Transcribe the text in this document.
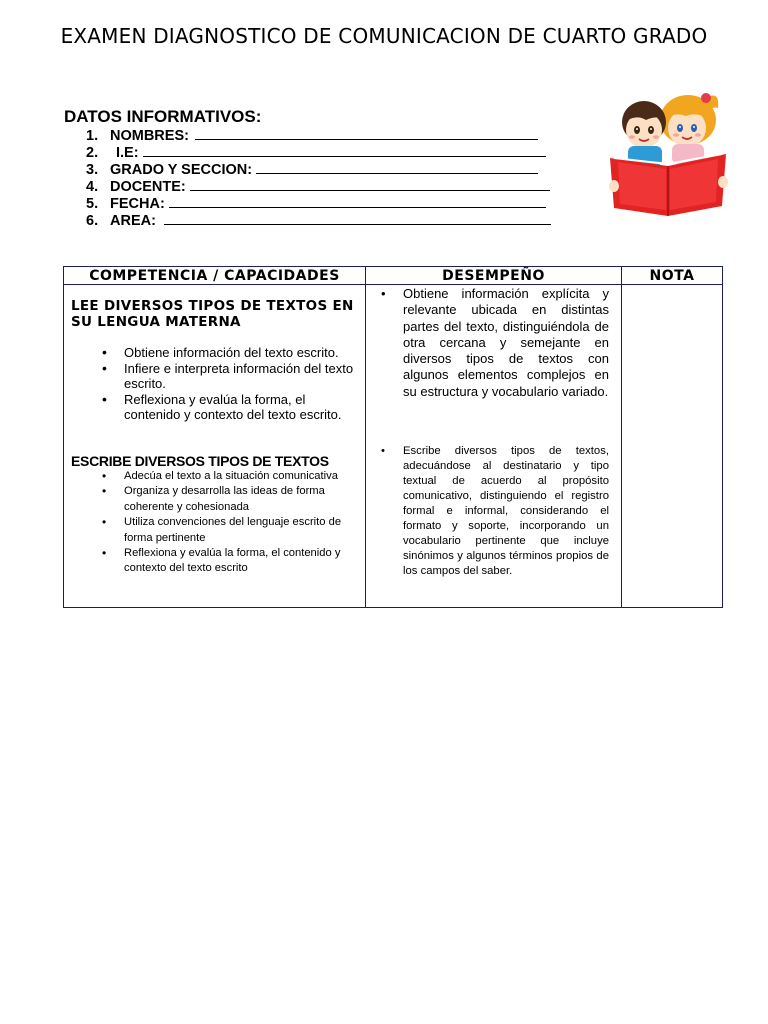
EXAMEN DIAGNOSTICO DE COMUNICACION DE CUARTO GRADO
DATOS INFORMATIVOS:
1. NOMBRES:
2. I.E:
3. GRADO Y SECCION:
4. DOCENTE:
5. FECHA:
6. AREA:
COMPETENCIA / CAPACIDADES	DESEMPEÑO	NOTA
LEE DIVERSOS TIPOS DE TEXTOS EN SU LENGUA MATERNA
• Obtiene información del texto escrito.
• Infiere e interpreta información del texto escrito.
• Reflexiona y evalúa la forma, el contenido y contexto del texto escrito.
ESCRIBE DIVERSOS TIPOS DE TEXTOS
• Adecúa el texto a la situación comunicativa
• Organiza y desarrolla las ideas de forma coherente y cohesionada
• Utiliza convenciones del lenguaje escrito de forma pertinente
• Reflexiona y evalúa la forma, el contenido y contexto del texto escrito
• Obtiene información explícita y relevante ubicada en distintas partes del texto, distinguiéndola de otra cercana y semejante en diversos tipos de textos con algunos elementos complejos en su estructura y vocabulario variado.
• Escribe diversos tipos de textos, adecuándose al destinatario y tipo textual de acuerdo al propósito comunicativo, distinguiendo el registro formal e informal, considerando el formato y soporte, incorporando un vocabulario pertinente que incluye sinónimos y algunos términos propios de los campos del saber.
